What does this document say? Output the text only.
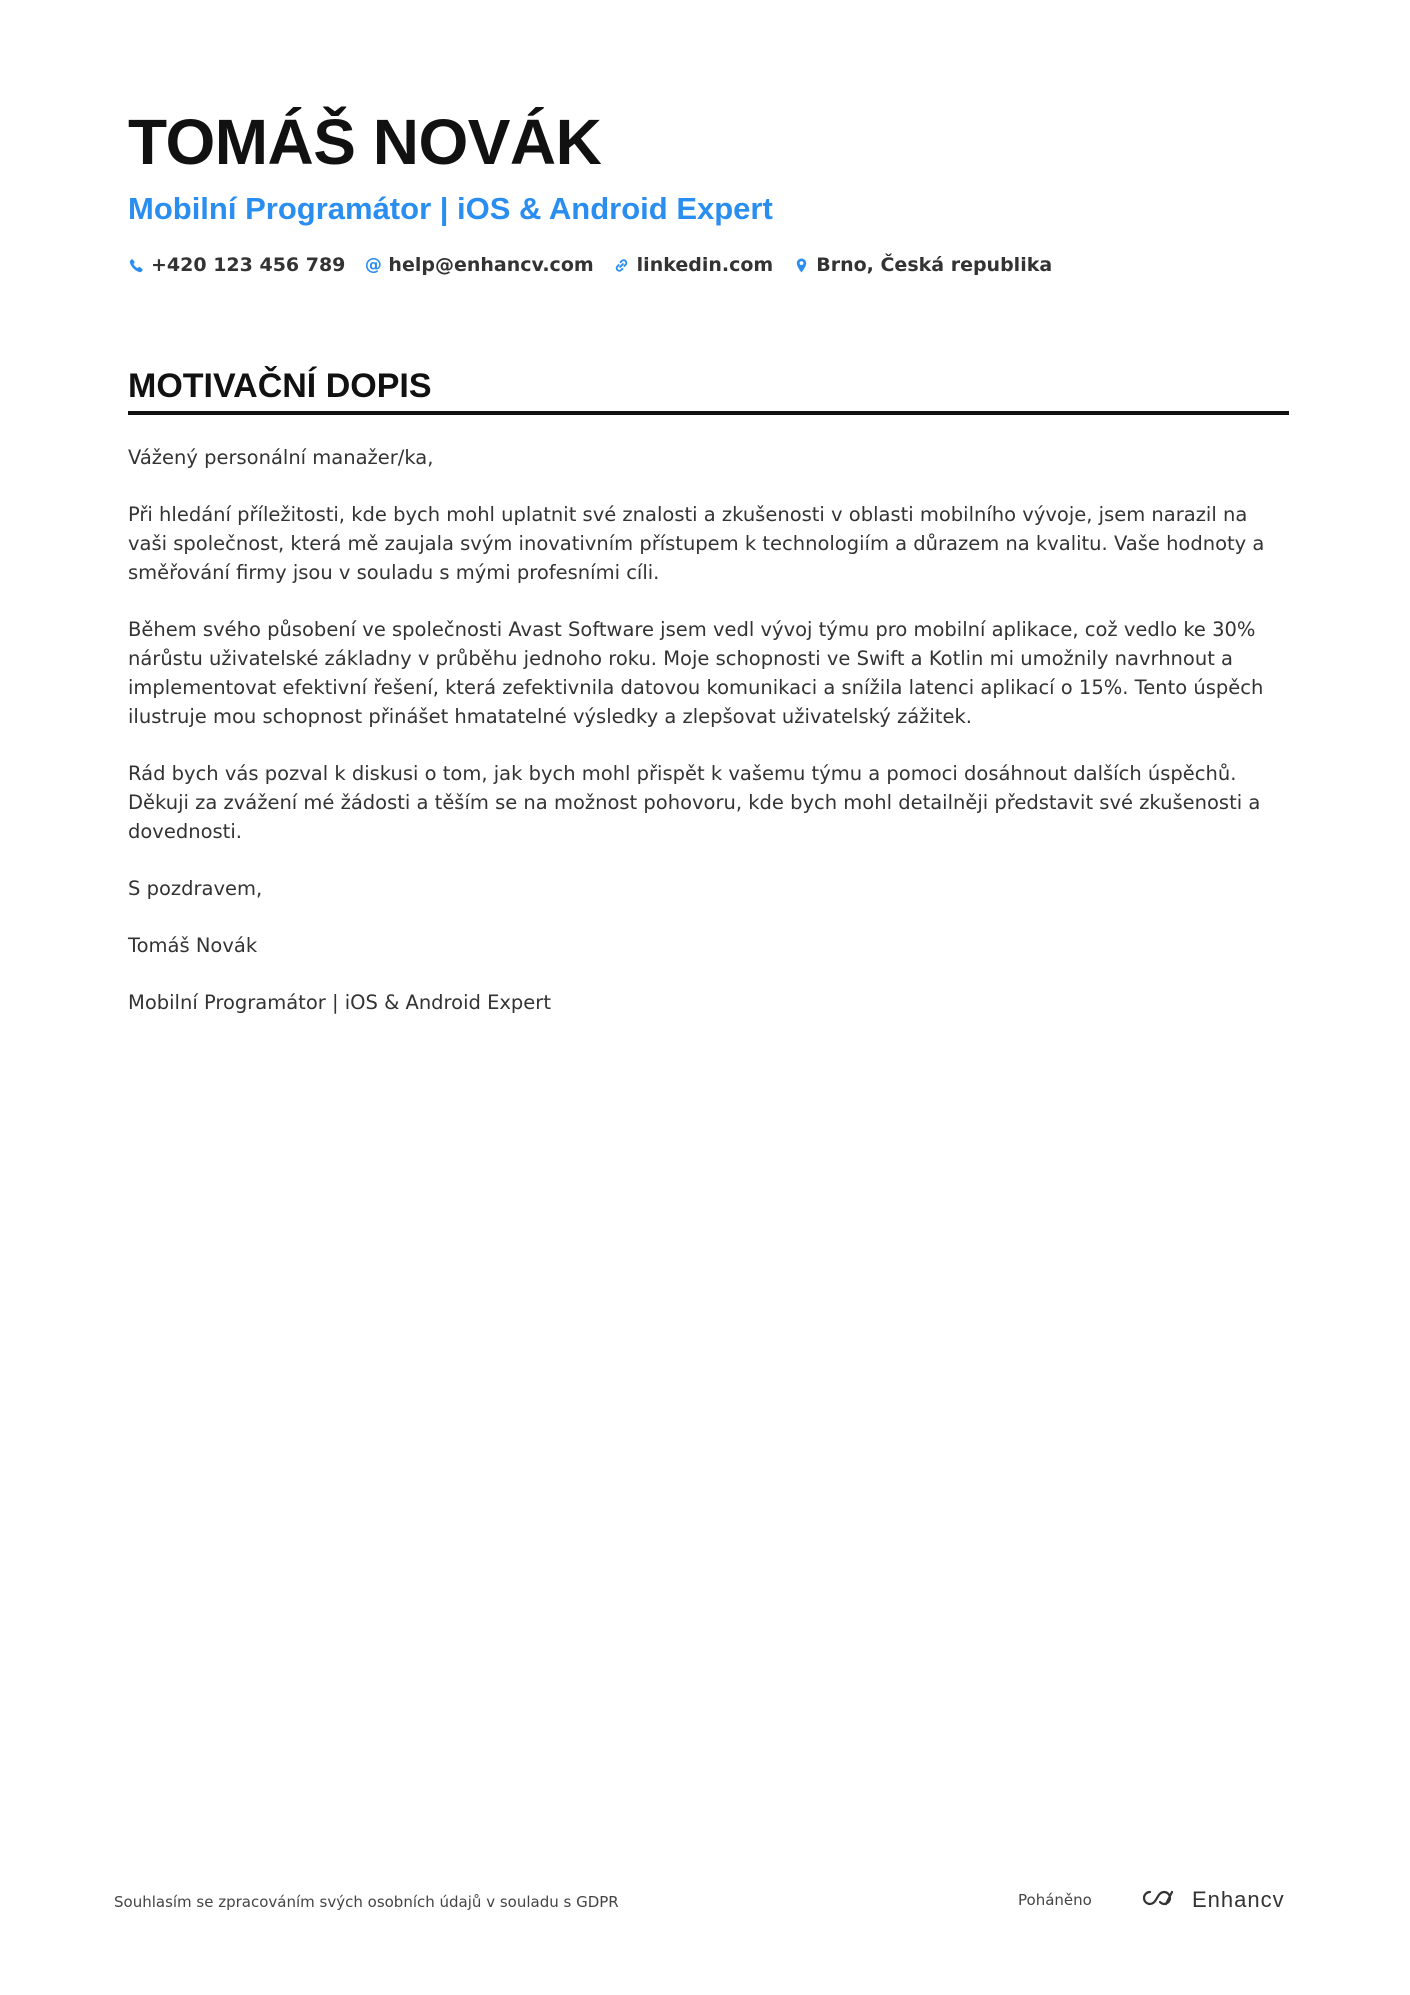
TOMÁŠ NOVÁK
Mobilní Programátor | iOS & Android Expert
+420 123 456 789 @ help@enhancv.com linkedin.com Brno, Česká republika
MOTIVAČNÍ DOPIS

Vážený personální manažer/ka,

Při hledání příležitosti, kde bych mohl uplatnit své znalosti a zkušenosti v oblasti mobilního vývoje, jsem narazil na vaši společnost, která mě zaujala svým inovativním přístupem k technologiím a důrazem na kvalitu. Vaše hodnoty a směřování firmy jsou v souladu s mými profesními cíli.

Během svého působení ve společnosti Avast Software jsem vedl vývoj týmu pro mobilní aplikace, což vedlo ke 30% nárůstu uživatelské základny v průběhu jednoho roku. Moje schopnosti ve Swift a Kotlin mi umožnily navrhnout a implementovat efektivní řešení, která zefektivnila datovou komunikaci a snížila latenci aplikací o 15%. Tento úspěch ilustruje mou schopnost přinášet hmatatelné výsledky a zlepšovat uživatelský zážitek.

Rád bych vás pozval k diskusi o tom, jak bych mohl přispět k vašemu týmu a pomoci dosáhnout dalších úspěchů. Děkuji za zvážení mé žádosti a těším se na možnost pohovoru, kde bych mohl detailněji představit své zkušenosti a dovednosti.

S pozdravem,

Tomáš Novák

Mobilní Programátor | iOS & Android Expert

Souhlasím se zpracováním svých osobních údajů v souladu s GDPR	Poháněno	Enhancv
